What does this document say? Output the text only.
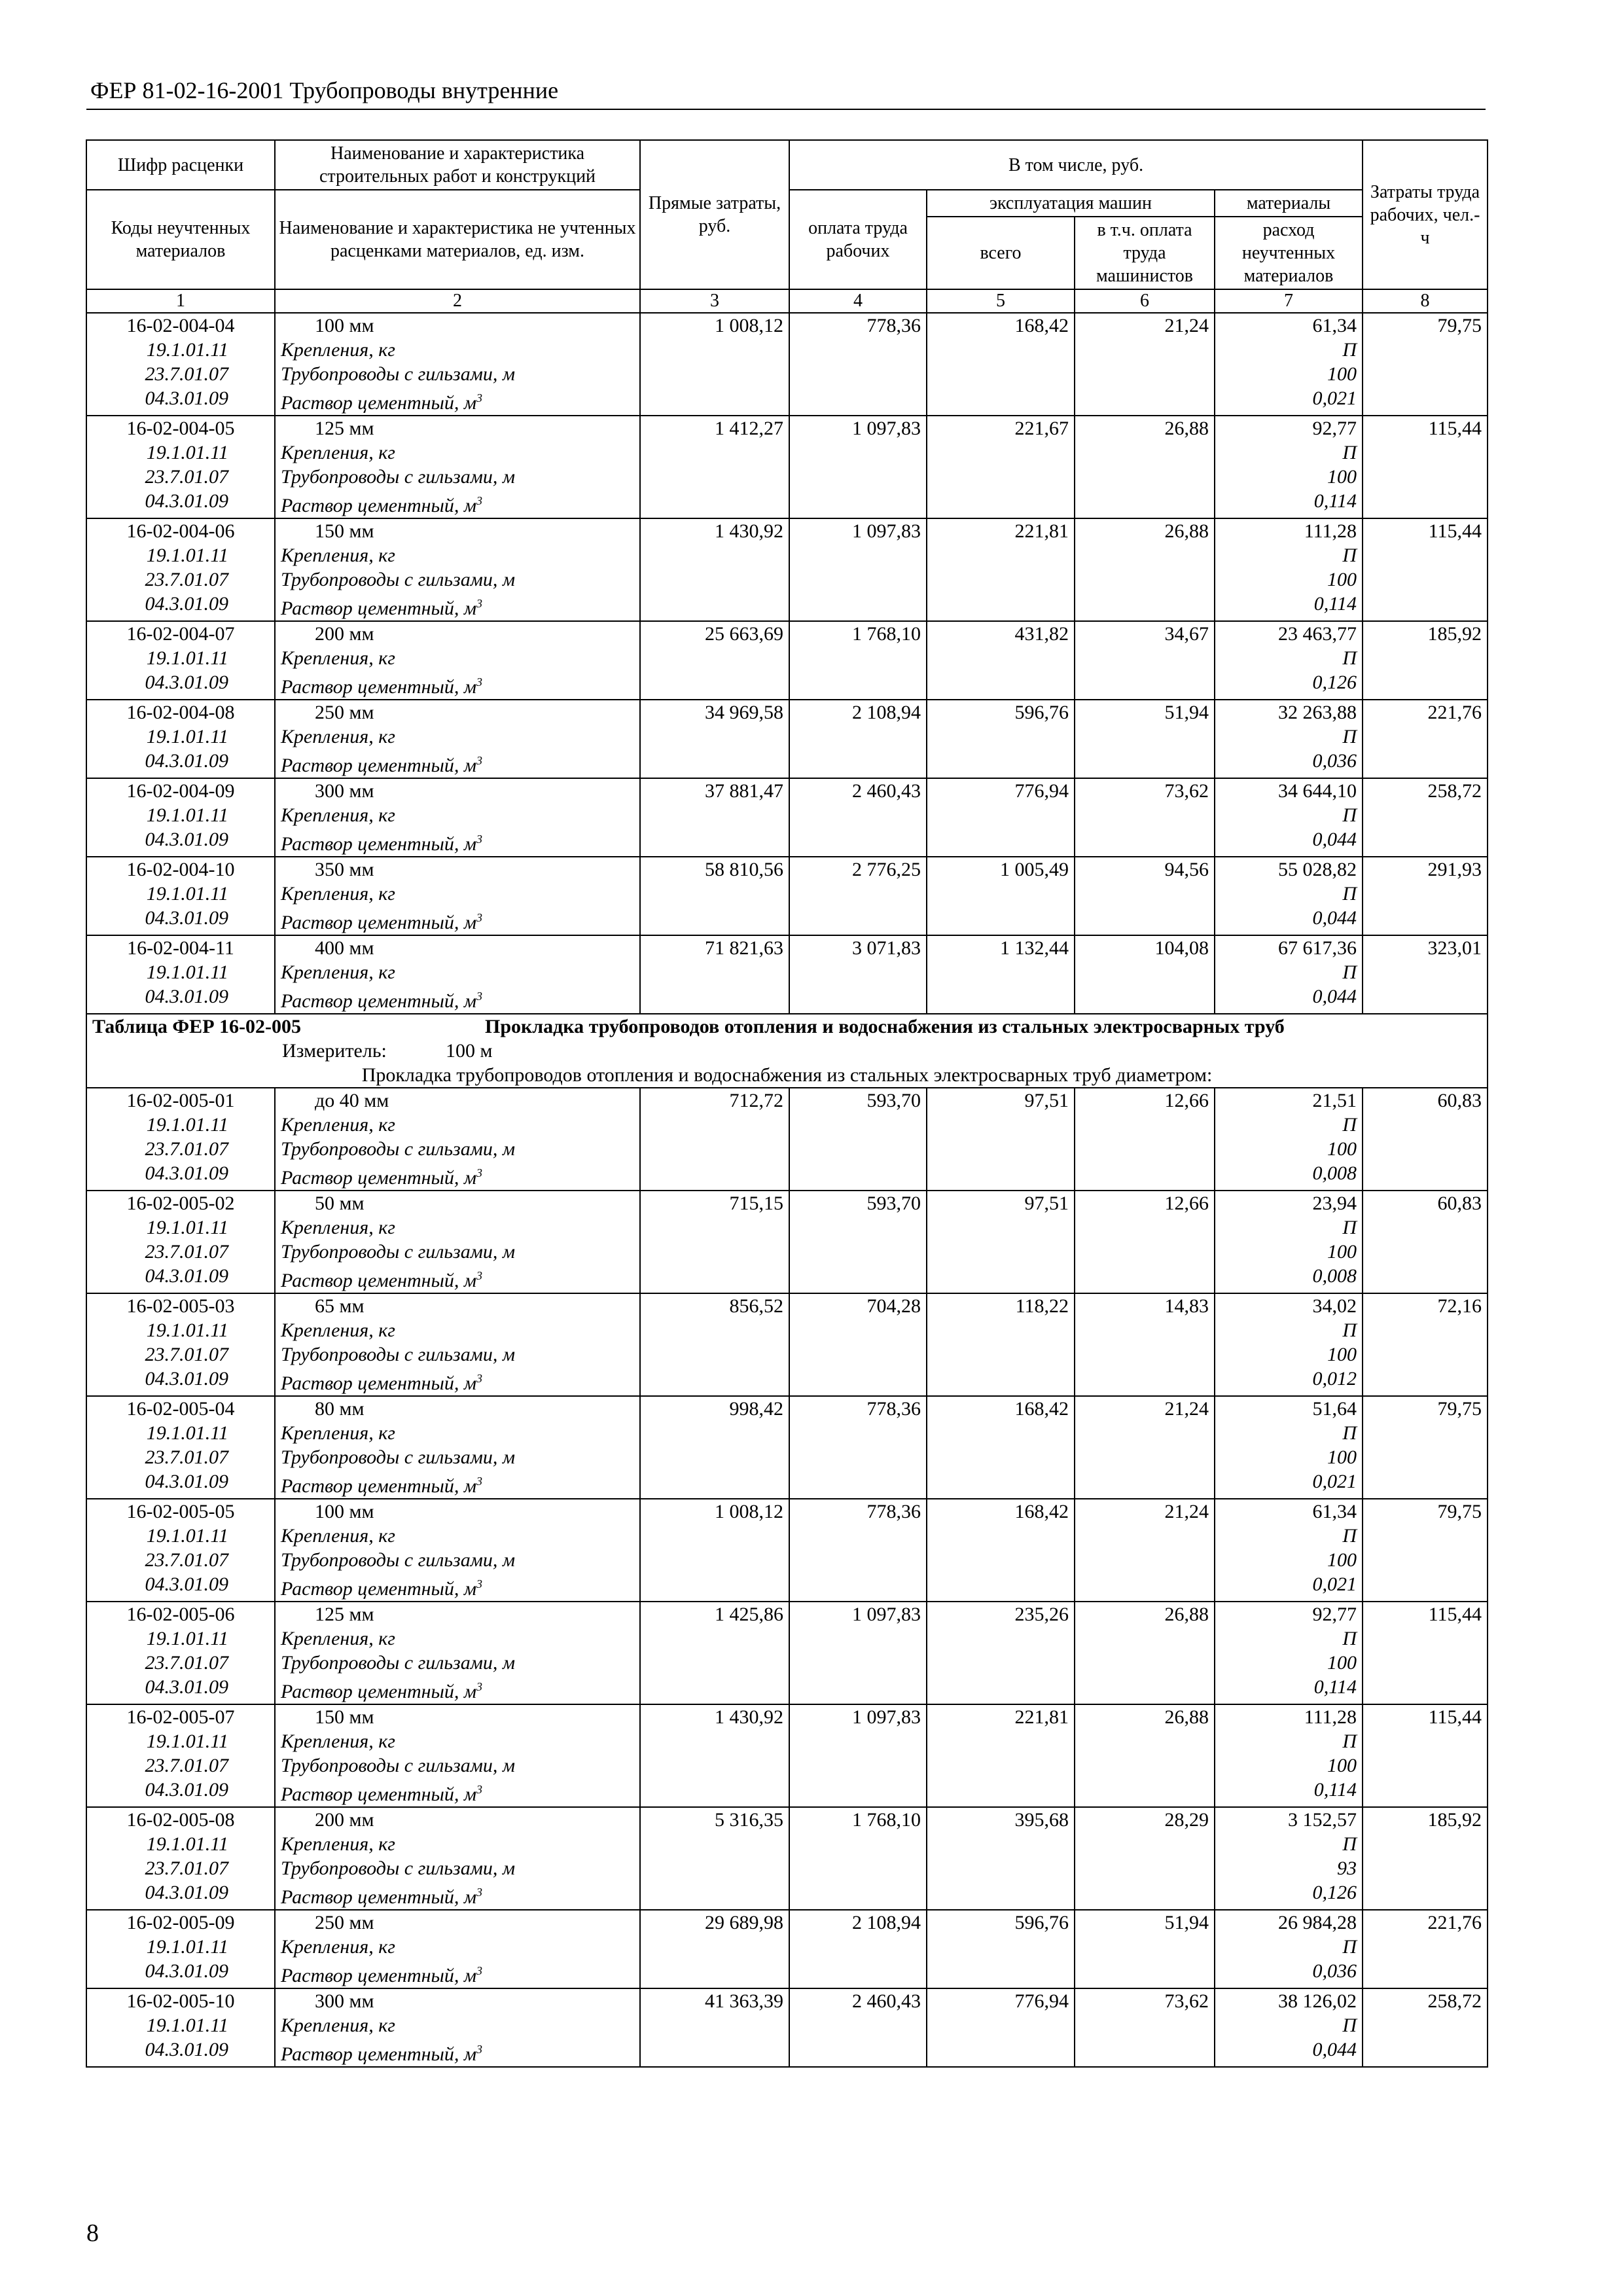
ФЕР 81-02-16-2001 Трубопроводы внутренние
Шифр расценки	Наименование и характеристика строительных работ и конструкций	Прямые затраты, руб.	В том числе, руб.				Затраты труда рабочих, чел.-ч
Коды неучтенных материалов	Наименование и характеристика не учтенных расценками материалов, ед. изм.		оплата труда рабочих	эксплуатация машин		материалы	
				всего	в т.ч. оплата труда машинистов	расход неучтенных материалов	
1	2	3	4	5	6	7	8
16-02-004-04	100 мм	1 008,12	778,36	168,42	21,24	61,34	79,75
19.1.01.11	Крепления, кг					П	
23.7.01.07	Трубопроводы с гильзами, м					100	
04.3.01.09	Раствор цементный, $м^3$					0,021	
16-02-004-05	125 мм	1 412,27	1 097,83	221,67	26,88	92,77	115,44
19.1.01.11	Крепления, кг					П	
23.7.01.07	Трубопроводы с гильзами, м					100	
04.3.01.09	Раствор цементный, $м^3$					0,114	
16-02-004-06	150 мм	1 430,92	1 097,83	221,81	26,88	111,28	115,44
19.1.01.11	Крепления, кг					П	
23.7.01.07	Трубопроводы с гильзами, м					100	
04.3.01.09	Раствор цементный, $м^3$					0,114	
16-02-004-07	200 мм	25 663,69	1 768,10	431,82	34,67	23 463,77	185,92
19.1.01.11	Крепления, кг					П	
04.3.01.09	Раствор цементный, $м^3$					0,126	
16-02-004-08	250 мм	34 969,58	2 108,94	596,76	51,94	32 263,88	221,76
19.1.01.11	Крепления, кг					П	
04.3.01.09	Раствор цементный, $м^3$					0,036	
16-02-004-09	300 мм	37 881,47	2 460,43	776,94	73,62	34 644,10	258,72
19.1.01.11	Крепления, кг					П	
04.3.01.09	Раствор цементный, $м^3$					0,044	
16-02-004-10	350 мм	58 810,56	2 776,25	1 005,49	94,56	55 028,82	291,93
19.1.01.11	Крепления, кг					П	
04.3.01.09	Раствор цементный, $м^3$					0,044	
16-02-004-11	400 мм	71 821,63	3 071,83	1 132,44	104,08	67 617,36	323,01
19.1.01.11	Крепления, кг					П	
04.3.01.09	Раствор цементный, $м^3$					0,044	
Таблица ФЕР 16-02-005 Прокладка трубопроводов отопления и водоснабжения из стальных электросварных труб							
Измеритель: 100 м							
Прокладка трубопроводов отопления и водоснабжения из стальных электросварных труб диаметром:							
16-02-005-01	до 40 мм	712,72	593,70	97,51	12,66	21,51	60,83
19.1.01.11	Крепления, кг					П	
23.7.01.07	Трубопроводы с гильзами, м					100	
04.3.01.09	Раствор цементный, $м^3$					0,008	
16-02-005-02	50 мм	715,15	593,70	97,51	12,66	23,94	60,83
19.1.01.11	Крепления, кг					П	
23.7.01.07	Трубопроводы с гильзами, м					100	
04.3.01.09	Раствор цементный, $м^3$					0,008	
16-02-005-03	65 мм	856,52	704,28	118,22	14,83	34,02	72,16
19.1.01.11	Крепления, кг					П	
23.7.01.07	Трубопроводы с гильзами, м					100	
04.3.01.09	Раствор цементный, $м^3$					0,012	
16-02-005-04	80 мм	998,42	778,36	168,42	21,24	51,64	79,75
19.1.01.11	Крепления, кг					П	
23.7.01.07	Трубопроводы с гильзами, м					100	
04.3.01.09	Раствор цементный, $м^3$					0,021	
16-02-005-05	100 мм	1 008,12	778,36	168,42	21,24	61,34	79,75
19.1.01.11	Крепления, кг					П	
23.7.01.07	Трубопроводы с гильзами, м					100	
04.3.01.09	Раствор цементный, $м^3$					0,021	
16-02-005-06	125 мм	1 425,86	1 097,83	235,26	26,88	92,77	115,44
19.1.01.11	Крепления, кг					П	
23.7.01.07	Трубопроводы с гильзами, м					100	
04.3.01.09	Раствор цементный, $м^3$					0,114	
16-02-005-07	150 мм	1 430,92	1 097,83	221,81	26,88	111,28	115,44
19.1.01.11	Крепления, кг					П	
23.7.01.07	Трубопроводы с гильзами, м					100	
04.3.01.09	Раствор цементный, $м^3$					0,114	
16-02-005-08	200 мм	5 316,35	1 768,10	395,68	28,29	3 152,57	185,92
19.1.01.11	Крепления, кг					П	
23.7.01.07	Трубопроводы с гильзами, м					93	
04.3.01.09	Раствор цементный, $м^3$					0,126	
16-02-005-09	250 мм	29 689,98	2 108,94	596,76	51,94	26 984,28	221,76
19.1.01.11	Крепления, кг					П	
04.3.01.09	Раствор цементный, $м^3$					0,036	
16-02-005-10	300 мм	41 363,39	2 460,43	776,94	73,62	38 126,02	258,72
19.1.01.11	Крепления, кг					П	
04.3.01.09	Раствор цементный, $м^3$					0,044	
8
